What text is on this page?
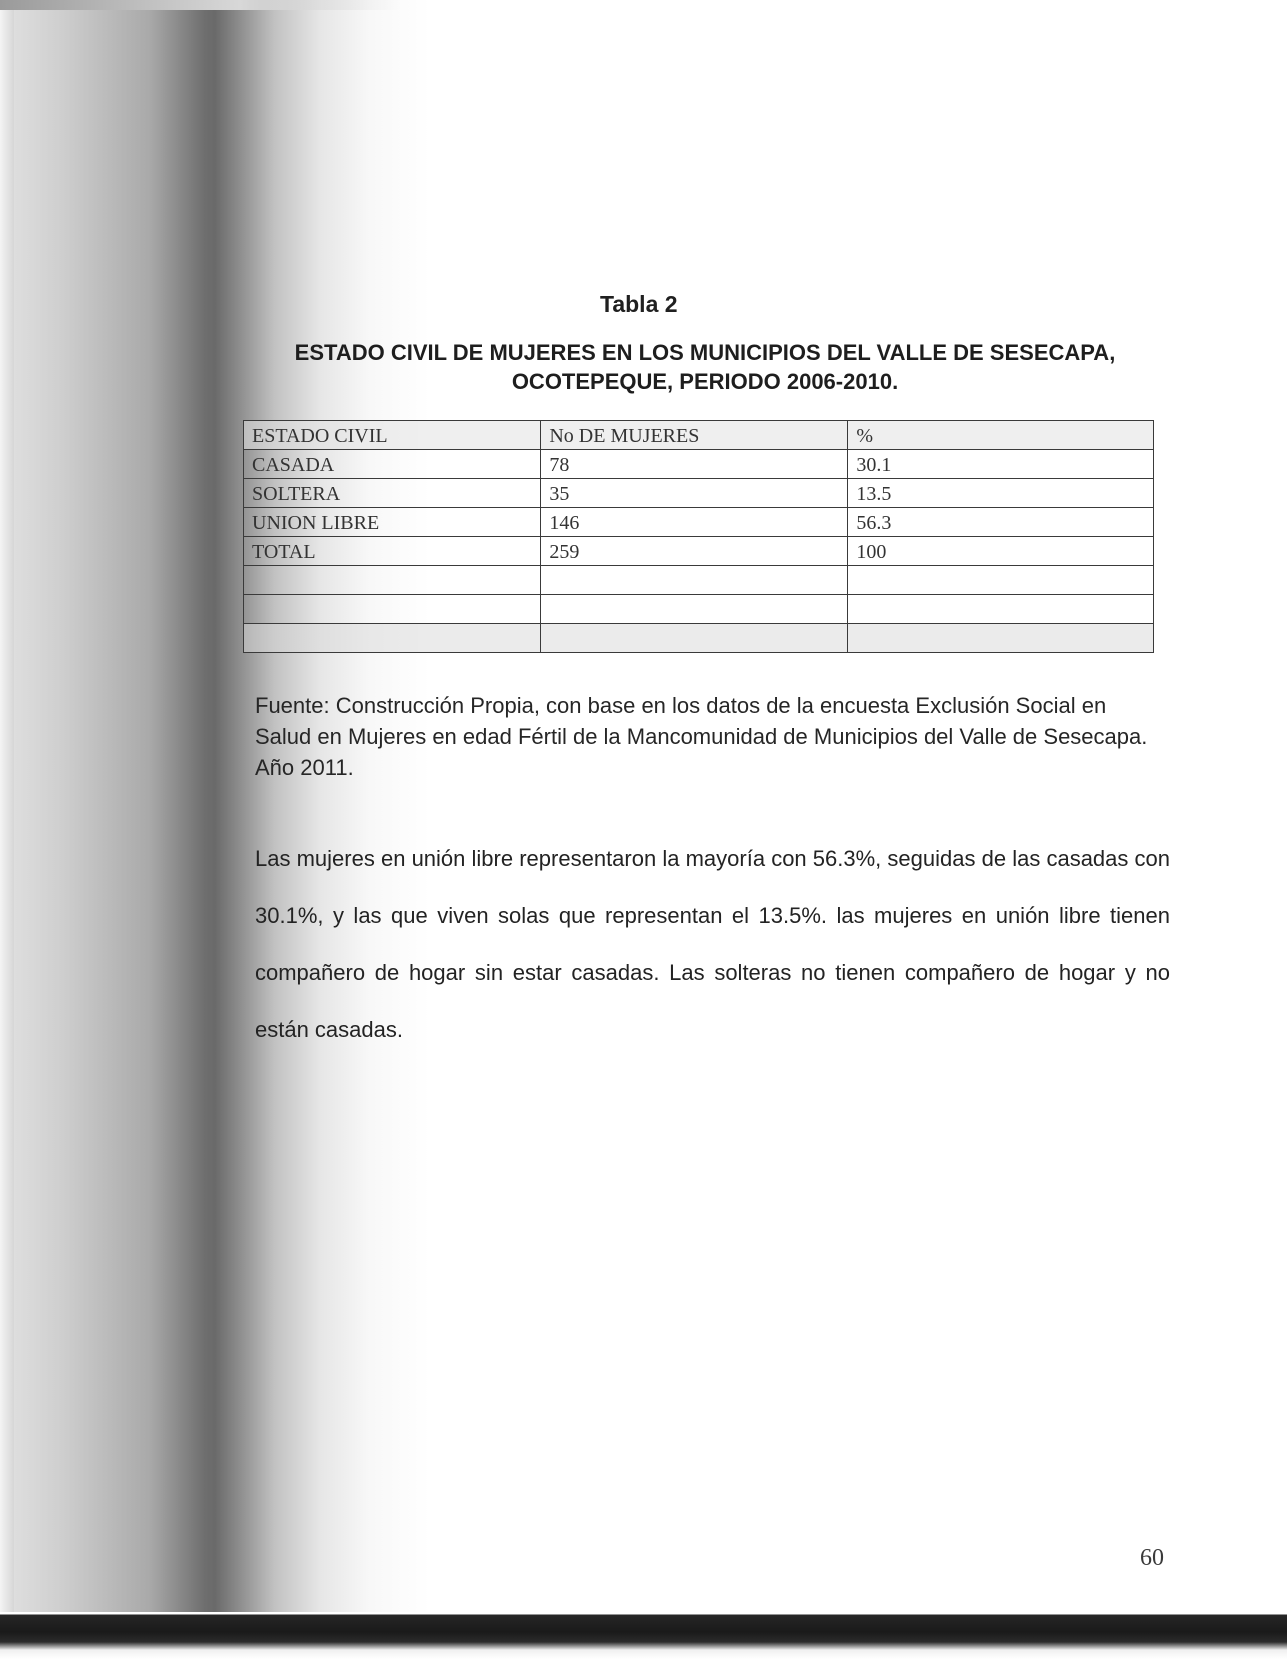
Tabla 2
ESTADO CIVIL DE MUJERES EN LOS MUNICIPIOS DEL VALLE DE SESECAPA, OCOTEPEQUE, PERIODO 2006-2010.
ESTADO CIVIL	No DE MUJERES	%
CASADA	78	30.1
SOLTERA	35	13.5
UNION LIBRE	146	56.3
TOTAL	259	100

Fuente: Construcción Propia, con base en los datos de la encuesta Exclusión Social en Salud en Mujeres en edad Fértil de la Mancomunidad de Municipios del Valle de Sesecapa. Año 2011.
Las mujeres en unión libre representaron la mayoría con 56.3%, seguidas de las casadas con 30.1%, y las que viven solas que representan el 13.5%. las mujeres en unión libre tienen compañero de hogar sin estar casadas. Las solteras no tienen compañero de hogar y no están casadas.
60
